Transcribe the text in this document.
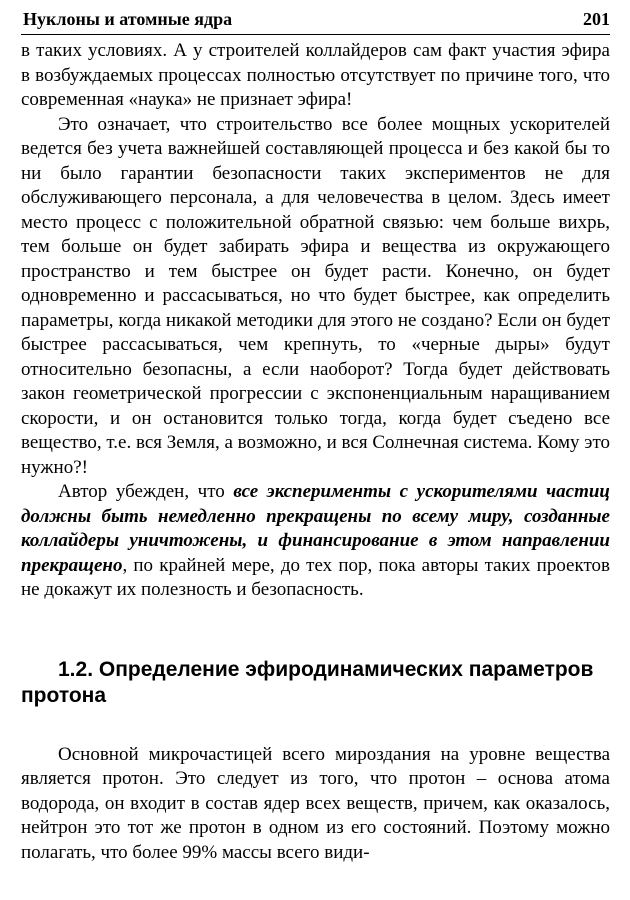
Нуклоны и атомные ядра	201

в таких условиях. А у строителей коллайдеров сам факт участия эфира в возбуждаемых процессах полностью отсутствует по причине того, что современная «наука» не признает эфира!

Это означает, что строительство все более мощных ускорителей ведется без учета важнейшей составляющей процесса и без какой бы то ни было гарантии безопасности таких экспериментов не для обслуживающего персонала, а для человечества в целом. Здесь имеет место процесс с положительной обратной связью: чем больше вихрь, тем больше он будет забирать эфира и вещества из окружающего пространство и тем быстрее он будет расти. Конечно, он будет одновременно и рассасываться, но что будет быстрее, как определить параметры, когда никакой методики для этого не создано? Если он будет быстрее рассасываться, чем крепнуть, то «черные дыры» будут относительно безопасны, а если наоборот? Тогда будет действовать закон геометрической прогрессии с экспоненциальным наращиванием скорости, и он остановится только тогда, когда будет съедено все вещество, т.е. вся Земля, а возможно, и вся Солнечная система. Кому это нужно?!

Автор убежден, что все эксперименты с ускорителями частиц должны быть немедленно прекращены по всему миру, созданные коллайдеры уничтожены, и финансирование в этом направлении прекращено, по крайней мере, до тех пор, пока авторы таких проектов не докажут их полезность и безопасность.

1.2. Определение эфиродинамических параметров протона

Основной микрочастицей всего мироздания на уровне вещества является протон. Это следует из того, что протон – основа атома водорода, он входит в состав ядер всех веществ, причем, как оказалось, нейтрон это тот же протон в одном из его состояний. Поэтому можно полагать, что более 99% массы всего види-
